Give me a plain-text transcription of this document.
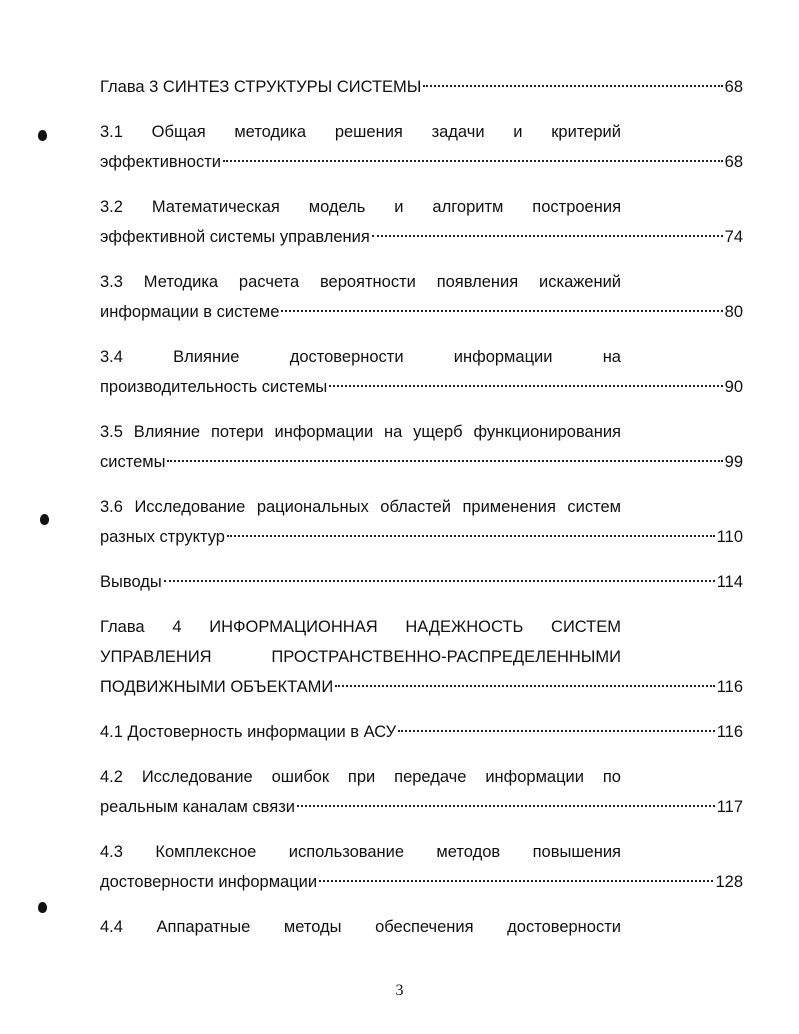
Глава 3 СИНТЕЗ СТРУКТУРЫ СИСТЕМЫ	68
3.1 Общая методика решения задачи и критерий
эффективности	68
3.2 Математическая модель и алгоритм построения
эффективной системы управления	74
3.3 Методика расчета вероятности появления искажений
информации в системе	80
3.4 Влияние достоверности информации на
производительность системы	90
3.5 Влияние потери информации на ущерб функционирования
системы	99
3.6 Исследование рациональных областей применения систем
разных структур	110
Выводы	114
Глава 4 ИНФОРМАЦИОННАЯ НАДЕЖНОСТЬ СИСТЕМ
УПРАВЛЕНИЯ ПРОСТРАНСТВЕННО-РАСПРЕДЕЛЕННЫМИ
ПОДВИЖНЫМИ ОБЪЕКТАМИ	116
4.1 Достоверность информации в АСУ	116
4.2 Исследование ошибок при передаче информации по
реальным каналам связи	117
4.3 Комплексное использование методов повышения
достоверности информации	128
4.4 Аппаратные методы обеспечения достоверности
3
